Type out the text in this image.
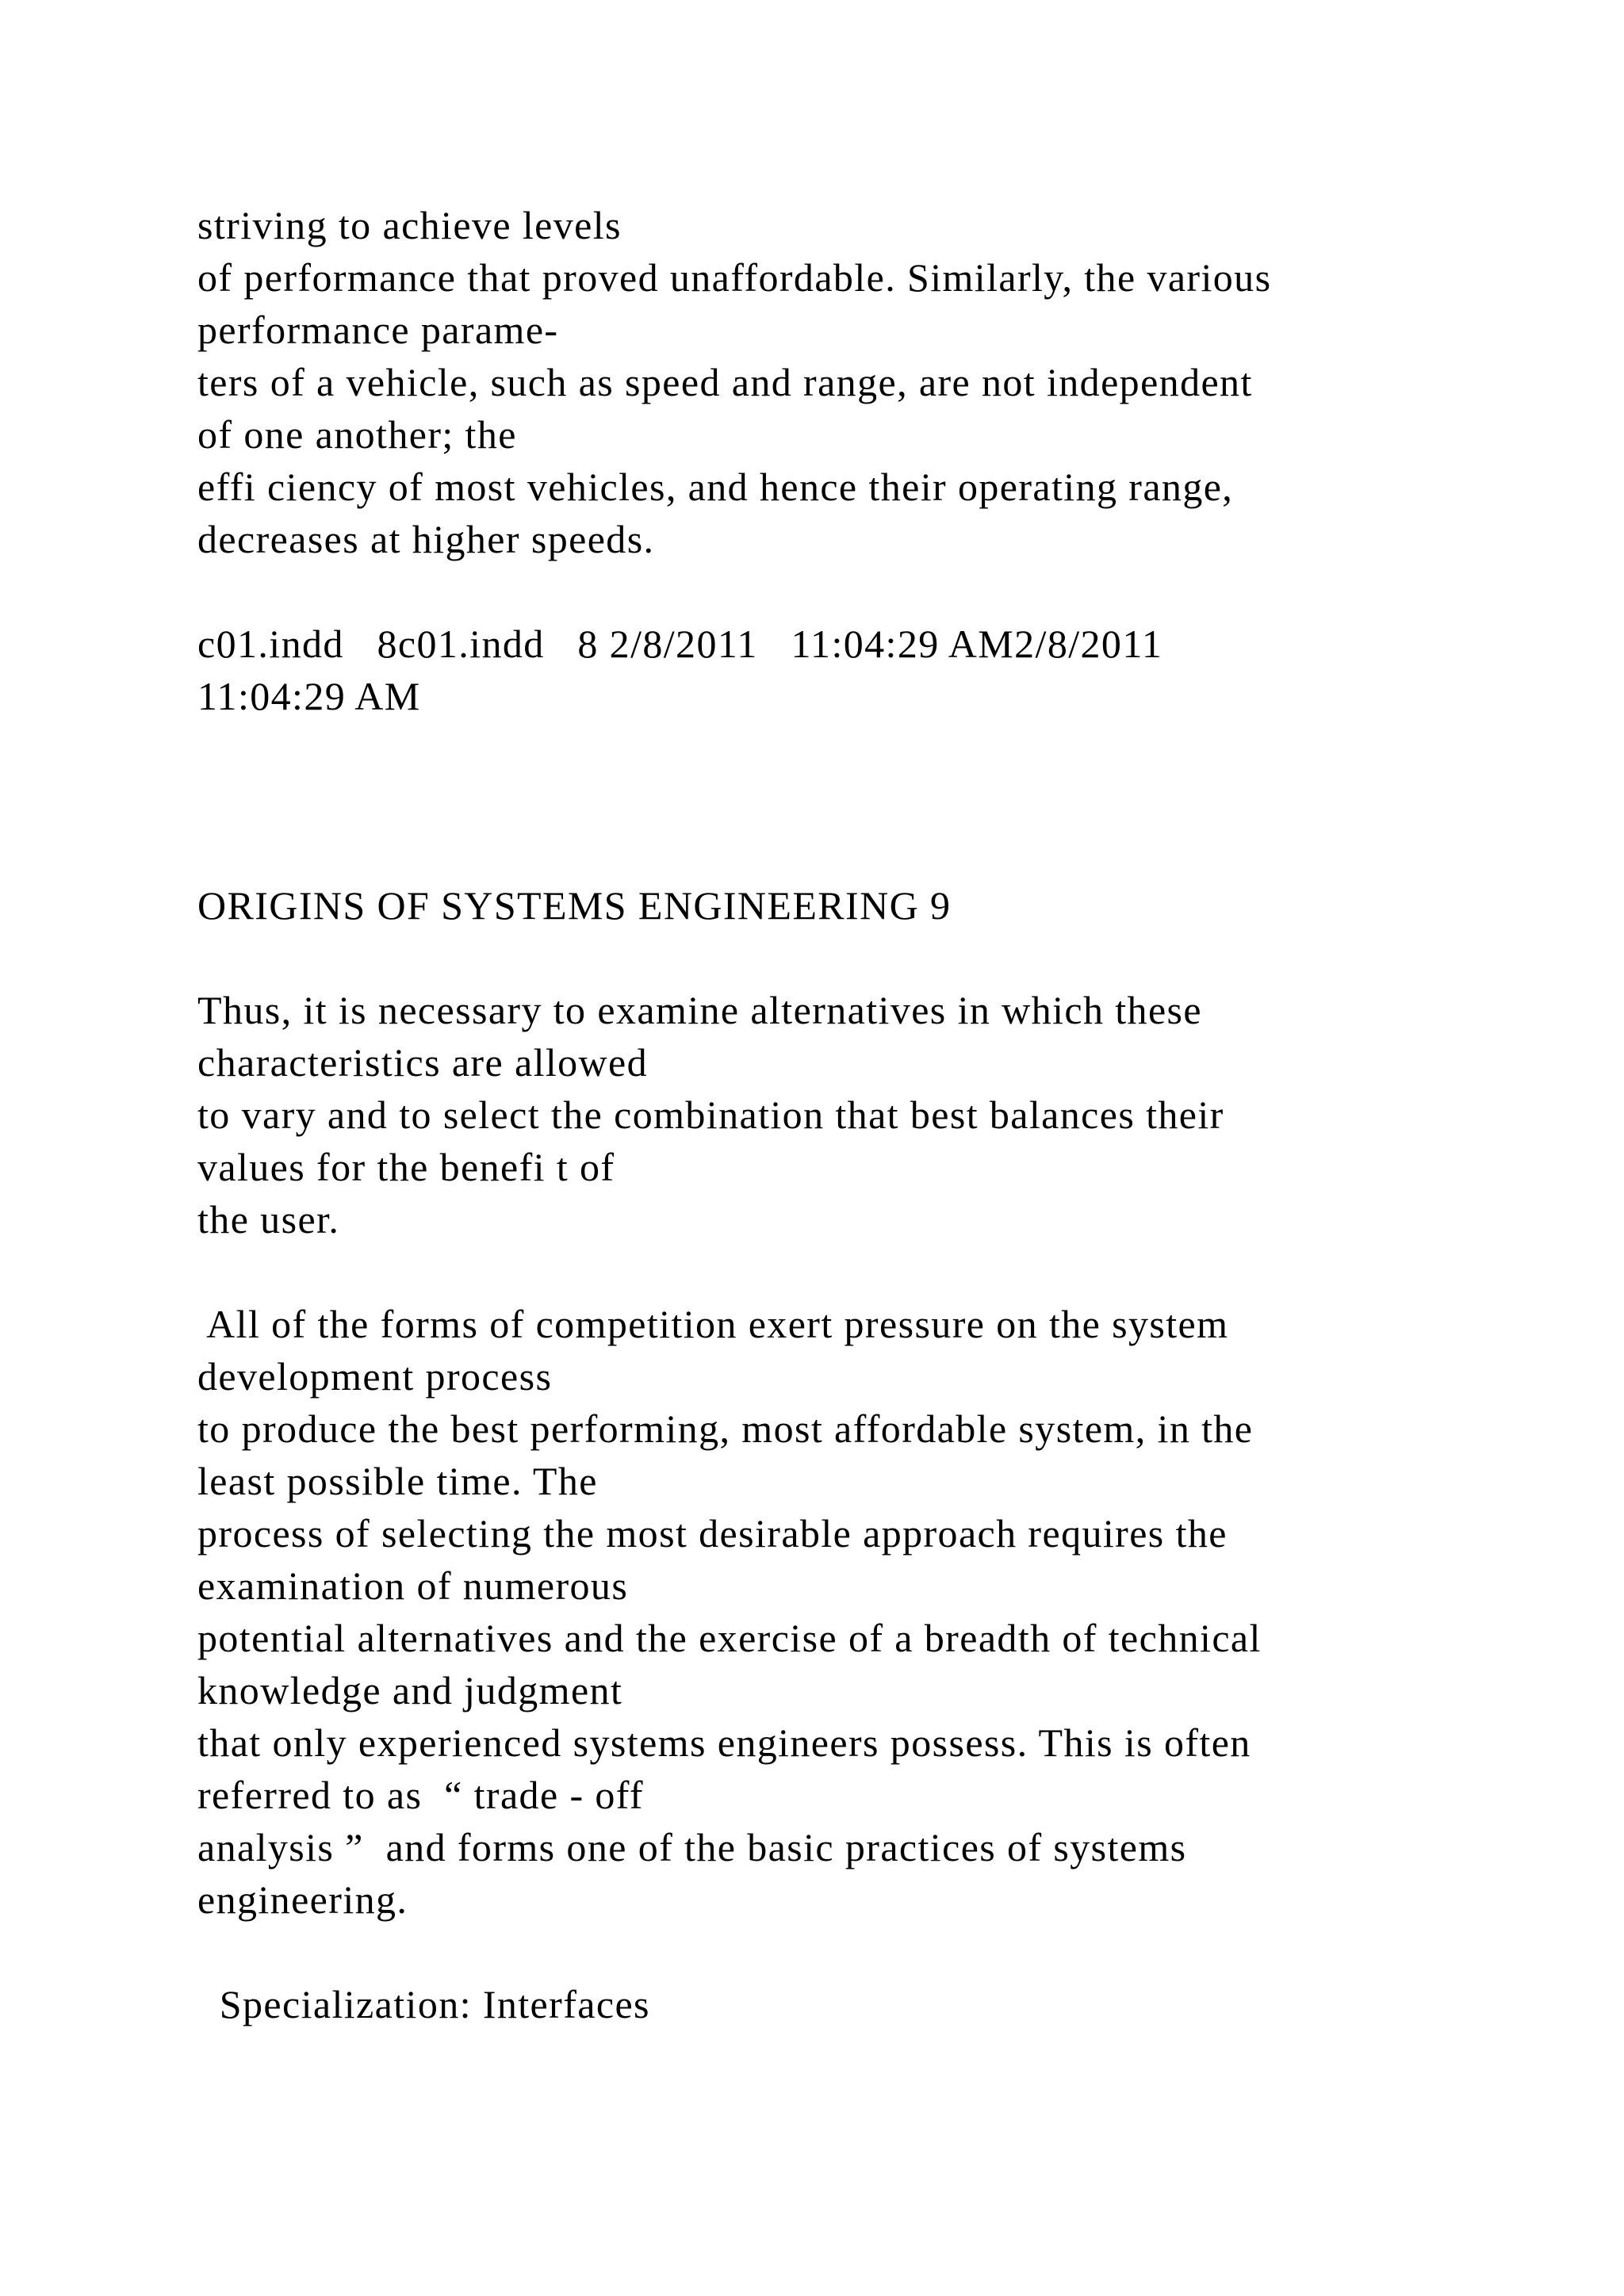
striving to achieve levels

of performance that proved unaffordable. Similarly, the various

performance parame-

ters of a vehicle, such as speed and range, are not independent

of one another; the

effi ciency of most vehicles, and hence their operating range,

decreases at higher speeds.

c01.indd   8c01.indd   8 2/8/2011   11:04:29 AM2/8/2011

11:04:29 AM

ORIGINS OF SYSTEMS ENGINEERING 9

Thus, it is necessary to examine alternatives in which these

characteristics are allowed

to vary and to select the combination that best balances their

values for the benefi t of

the user.

All of the forms of competition exert pressure on the system

development process

to produce the best performing, most affordable system, in the

least possible time. The

process of selecting the most desirable approach requires the

examination of numerous

potential alternatives and the exercise of a breadth of technical

knowledge and judgment

that only experienced systems engineers possess. This is often

referred to as  “ trade - off

analysis ”  and forms one of the basic practices of systems

engineering.

Specialization: Interfaces
